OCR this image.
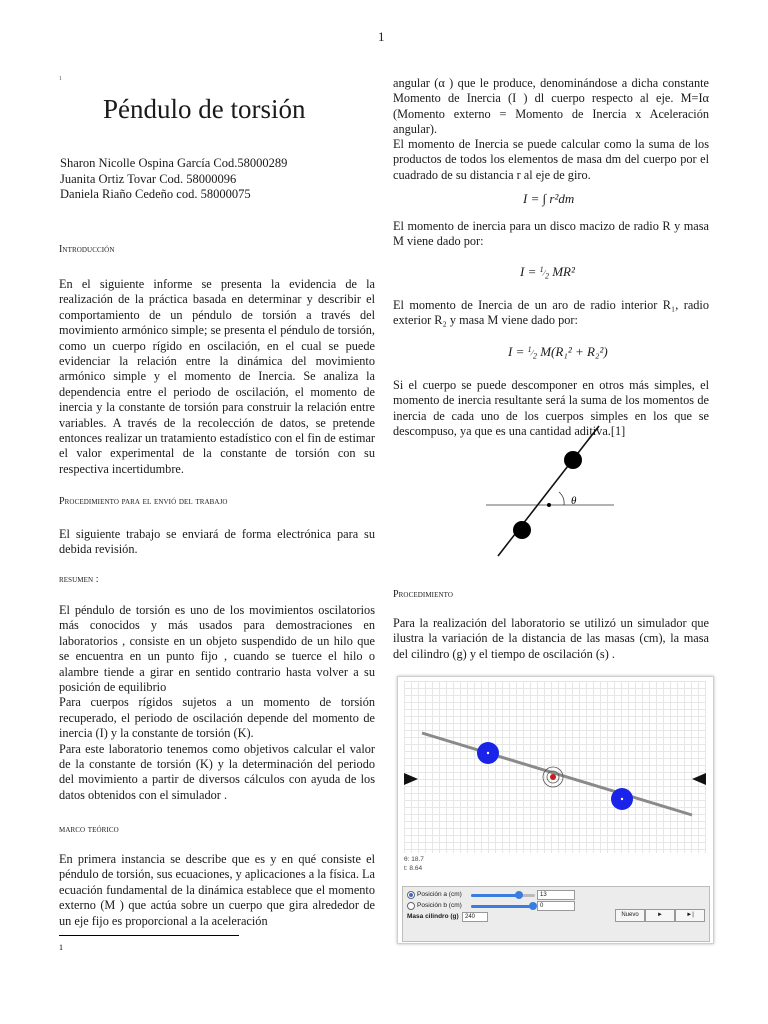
1
1
Péndulo de torsión
Sharon Nicolle Ospina García Cod.58000289
Juanita Ortiz Tovar Cod. 58000096
Daniela Riaño Cedeño cod. 58000075
Introducción
En el siguiente informe se presenta la evidencia de la realización de la práctica basada en determinar y describir el comportamiento de un péndulo de torsión a través del movimiento armónico simple; se presenta el péndulo de torsión, como un cuerpo rígido en oscilación, en el cual se puede evidenciar la relación entre la dinámica del movimiento armónico simple y el momento de Inercia. Se analiza la dependencia entre el periodo de oscilación, el momento de inercia y la constante de torsión para construir la relación entre variables. A través de la recolección de datos, se pretende entonces realizar un tratamiento estadístico con el fin de estimar el valor experimental de la constante de torsión con su respectiva incertidumbre.
Procedimiento para el envió del trabajo
El siguiente trabajo se enviará de forma electrónica para su debida revisión.
resumen :
El péndulo de torsión es uno de los movimientos oscilatorios más conocidos y más usados para demostraciones en laboratorios , consiste en un objeto suspendido de un hilo que se encuentra en un punto fijo , cuando se tuerce el hilo o alambre tiende a girar en sentido contrario hasta volver a su posición de equilibrio
Para cuerpos rígidos sujetos a un momento de torsión recuperado, el periodo de oscilación depende del momento de inercia (I) y la constante de torsión (K).
Para este laboratorio tenemos como objetivos calcular el valor de la constante de torsión (K) y la determinación del periodo del movimiento a partir de diversos cálculos con ayuda de los datos obtenidos con el simulador .
marco teórico
En primera instancia se describe que es y en qué consiste el péndulo de torsión, sus ecuaciones, y aplicaciones a la física. La ecuación fundamental de la dinámica establece que el momento externo (M ) que actúa sobre un cuerpo que gira alrededor de un eje fijo es proporcional a la aceleración
1
angular (α ) que le produce, denominándose a dicha constante Momento de Inercia (I ) dl cuerpo respecto al eje. M=Iα (Momento externo = Momento de Inercia x Aceleración angular).
El momento de Inercia se puede calcular como la suma de los productos de todos los elementos de masa dm del cuerpo por el cuadrado de su distancia r al eje de giro.
I = ∫ r²dm
El momento de inercia para un disco macizo de radio R y masa M viene dado por:
$I = ^1⁄_2$ MR²
El momento de Inercia de un aro de radio interior R₁, radio exterior R₂ y masa M viene dado por:
$I = ^1⁄_2$ M(R₁² + R₂²)
Si el cuerpo se puede descomponer en otros más simples, el momento de inercia resultante será la suma de los momentos de inercia de cada uno de los cuerpos simples en los que se descompuso, ya que es una cantidad aditiva.[1]
θ
Procedimiento
Para la realización del laboratorio se utilizó un simulador que ilustra la variación de la distancia de las masas (cm), la masa del cilindro (g) y el tiempo de oscilación (s) .
θ: 18.7
t: 8.64
Posición a (cm)	13
Posición b (cm)	0
Masa cilindro (g)	240	Nuevo	►	►|
